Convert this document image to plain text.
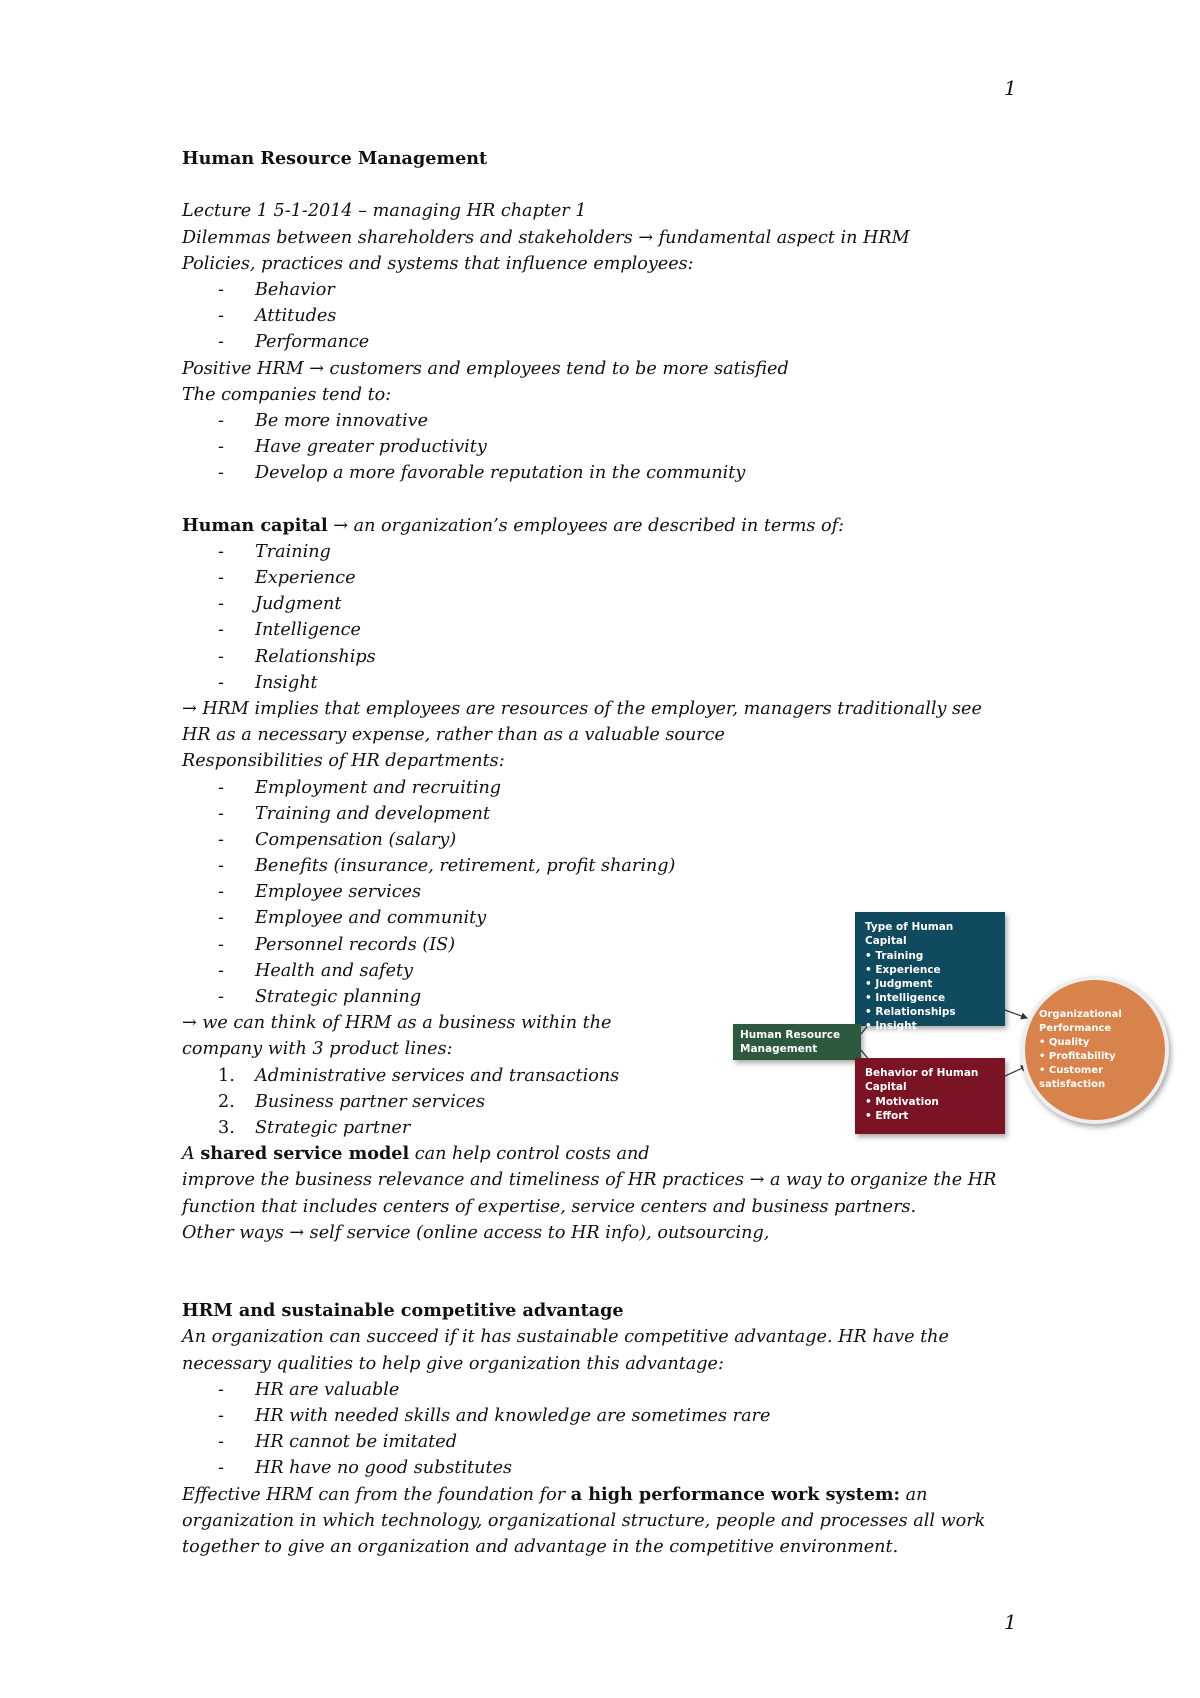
1
Human Resource Management
Lecture 1 5-1-2014 – managing HR chapter 1
Dilemmas between shareholders and stakeholders → fundamental aspect in HRM
Policies, practices and systems that influence employees:
- Behavior
- Attitudes
- Performance
Positive HRM → customers and employees tend to be more satisfied
The companies tend to:
- Be more innovative
- Have greater productivity
- Develop a more favorable reputation in the community
Human capital → an organization’s employees are described in terms of:
- Training
- Experience
- Judgment
- Intelligence
- Relationships
- Insight
→ HRM implies that employees are resources of the employer, managers traditionally see
HR as a necessary expense, rather than as a valuable source
Responsibilities of HR departments:
- Employment and recruiting
- Training and development
- Compensation (salary)
- Benefits (insurance, retirement, profit sharing)
- Employee services
- Employee and community
- Personnel records (IS)
- Health and safety
- Strategic planning
→ we can think of HRM as a business within the
company with 3 product lines:
1. Administrative services and transactions
2. Business partner services
3. Strategic partner
A shared service model can help control costs and
improve the business relevance and timeliness of HR practices → a way to organize the HR
function that includes centers of expertise, service centers and business partners.
Other ways → self service (online access to HR info), outsourcing,
HRM and sustainable competitive advantage
An organization can succeed if it has sustainable competitive advantage. HR have the
necessary qualities to help give organization this advantage:
- HR are valuable
- HR with needed skills and knowledge are sometimes rare
- HR cannot be imitated
- HR have no good substitutes
Effective HRM can from the foundation for a high performance work system: an
organization in which technology, organizational structure, people and processes all work
together to give an organization and advantage in the competitive environment.
Type of Human Capital
• Training
• Experience
• Judgment
• Intelligence
• Relationships
• Insight
Human Resource Management
Behavior of Human Capital
• Motivation
• Effort
Organizational Performance
• Quality
• Profitability
• Customer satisfaction
1
